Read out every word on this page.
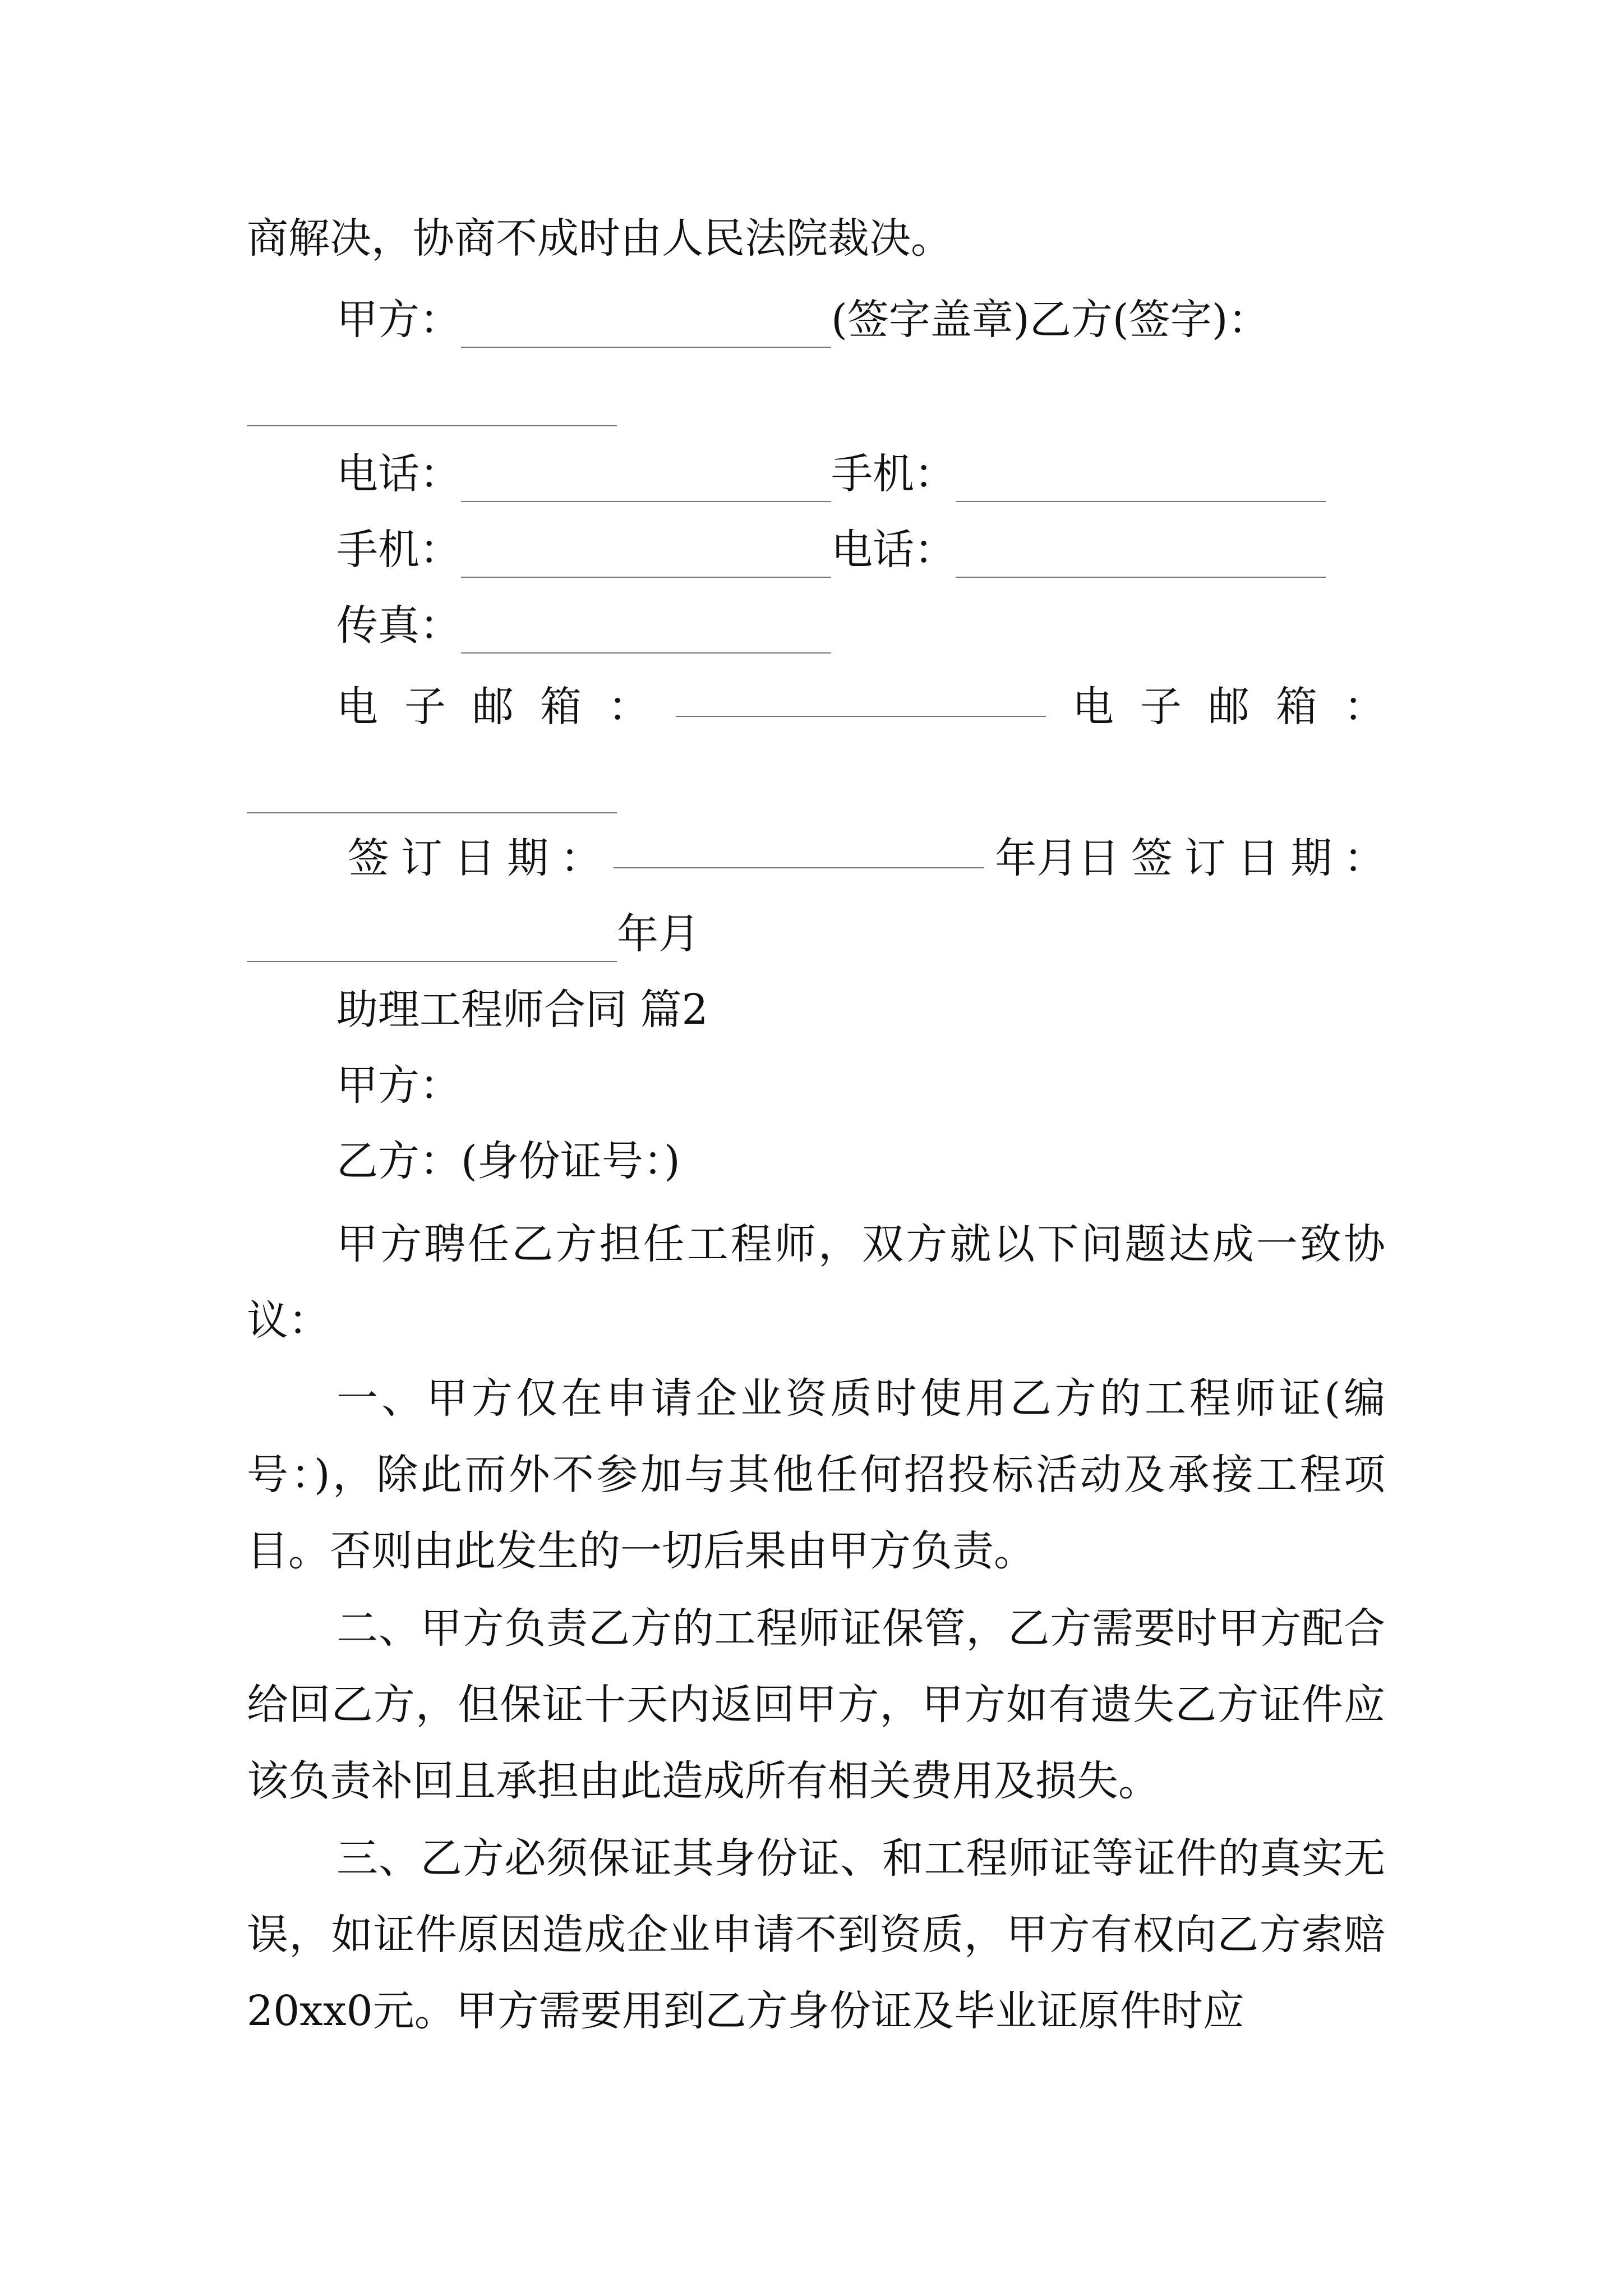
商解决，协商不成时由人民法院裁决。
甲方：	(签字盖章)乙方(签字)：
电话：	手机：
手机：	电话：
传真：
电 子 邮 箱 ：	电 子 邮 箱 ：
签 订 日 期 ：	年月日 签 订 日 期 ：
年月
助理工程师合同 篇2
甲方：
乙方：(身份证号：)
甲方聘任乙方担任工程师，双方就以下问题达成一致协议：
一、甲方仅在申请企业资质时使用乙方的工程师证(编号：)，除此而外不参加与其他任何招投标活动及承接工程项目。否则由此发生的一切后果由甲方负责。
二、甲方负责乙方的工程师证保管，乙方需要时甲方配合给回乙方，但保证十天内返回甲方，甲方如有遗失乙方证件应该负责补回且承担由此造成所有相关费用及损失。
三、乙方必须保证其身份证、和工程师证等证件的真实无误，如证件原因造成企业申请不到资质，甲方有权向乙方索赔20xx0元。甲方需要用到乙方身份证及毕业证原件时应
